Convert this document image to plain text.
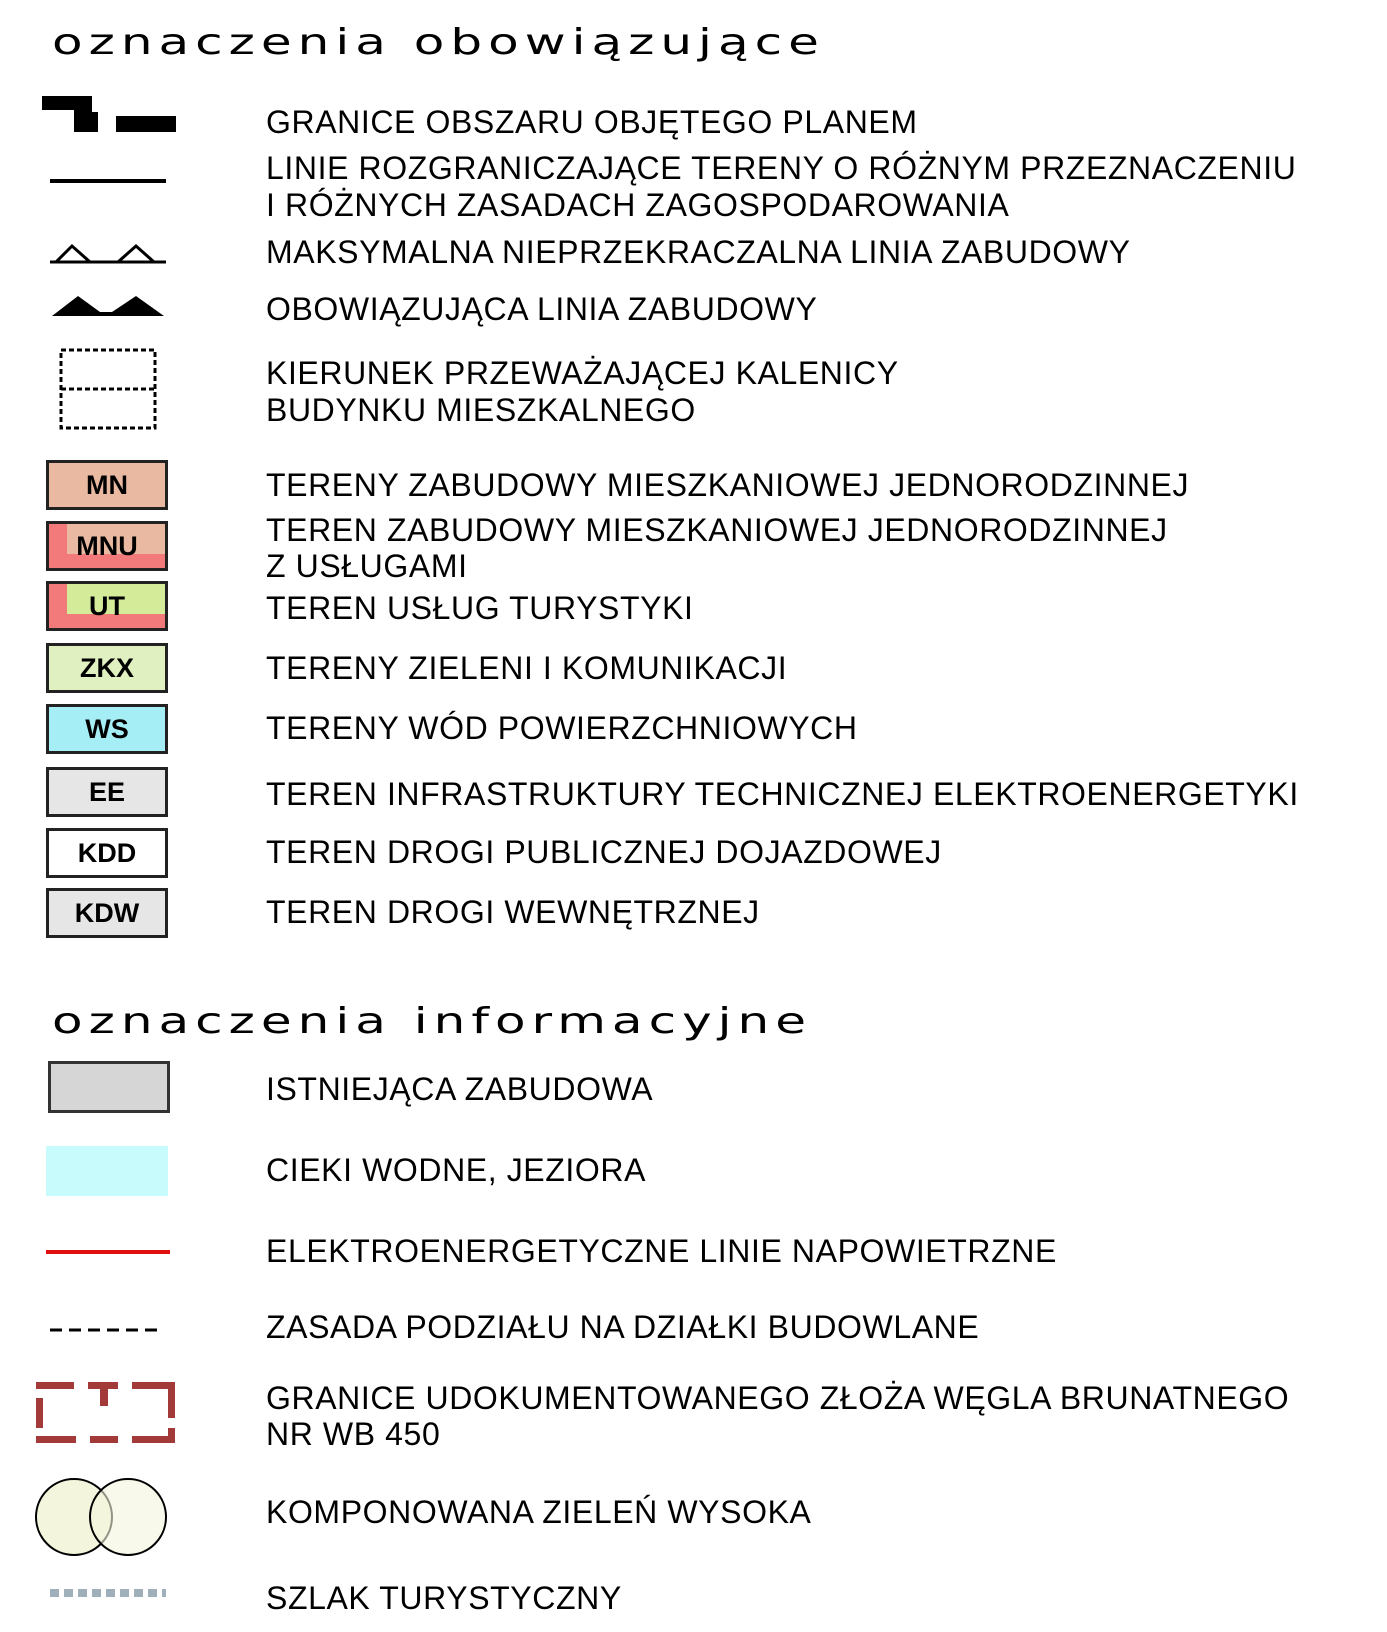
oznaczenia obowiązujące
oznaczenia informacyjne
MN
MNU
UT
ZKX
WS
EE
KDD
KDW
GRANICE OBSZARU OBJĘTEGO PLANEM
LINIE ROZGRANICZAJĄCE TERENY O RÓŻNYM PRZEZNACZENIU
I RÓŻNYCH ZASADACH ZAGOSPODAROWANIA
MAKSYMALNA NIEPRZEKRACZALNA LINIA ZABUDOWY
OBOWIĄZUJĄCA LINIA ZABUDOWY
KIERUNEK PRZEWAŻAJĄCEJ KALENICY
BUDYNKU MIESZKALNEGO
TERENY ZABUDOWY MIESZKANIOWEJ JEDNORODZINNEJ
TEREN ZABUDOWY MIESZKANIOWEJ JEDNORODZINNEJ
Z USŁUGAMI
TEREN USŁUG TURYSTYKI
TERENY ZIELENI I KOMUNIKACJI
TERENY WÓD POWIERZCHNIOWYCH
TEREN INFRASTRUKTURY TECHNICZNEJ ELEKTROENERGETYKI
TEREN DROGI PUBLICZNEJ DOJAZDOWEJ
TEREN DROGI WEWNĘTRZNEJ
ISTNIEJĄCA ZABUDOWA
CIEKI WODNE, JEZIORA
ELEKTROENERGETYCZNE LINIE NAPOWIETRZNE
ZASADA PODZIAŁU NA DZIAŁKI BUDOWLANE
GRANICE UDOKUMENTOWANEGO ZŁOŻA WĘGLA BRUNATNEGO
NR WB 450
KOMPONOWANA ZIELEŃ WYSOKA
SZLAK TURYSTYCZNY
